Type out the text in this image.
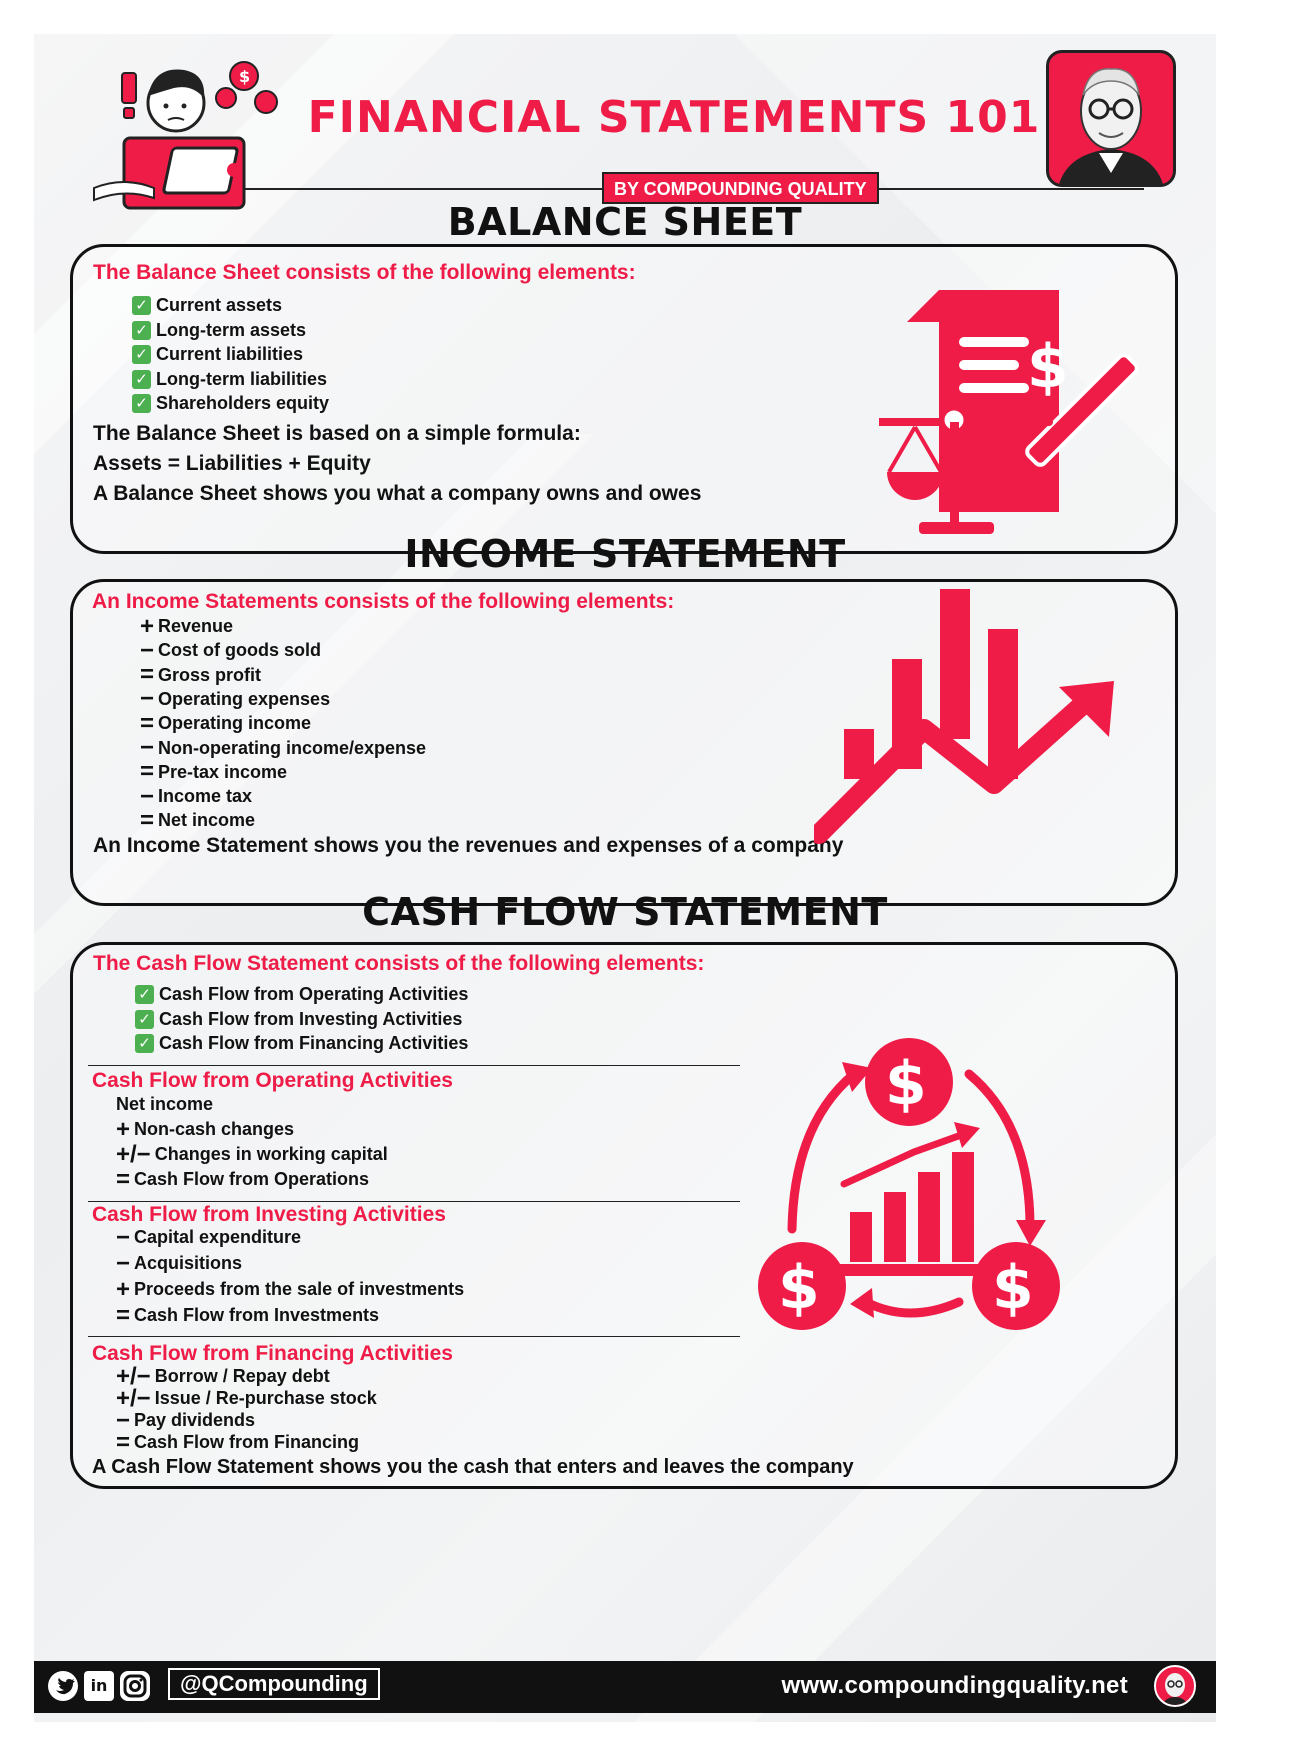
$
FINANCIAL STATEMENTS 101
BY COMPOUNDING QUALITY
BALANCE SHEET
The Balance Sheet consists of the following elements:
✓ Current assets
✓ Long-term assets
✓ Current liabilities
✓ Long-term liabilities
✓ Shareholders equity
The Balance Sheet is based on a simple formula:
Assets = Liabilities + Equity
A Balance Sheet shows you what a company owns and owes
$
INCOME STATEMENT
An Income Statements consists of the following elements:
+ Revenue
− Cost of goods sold
= Gross profit
− Operating expenses
= Operating income
− Non-operating income/expense
= Pre-tax income
− Income tax
= Net income
An Income Statement shows you the revenues and expenses of a company
CASH FLOW STATEMENT
The Cash Flow Statement consists of the following elements:
✓ Cash Flow from Operating Activities
✓ Cash Flow from Investing Activities
✓ Cash Flow from Financing Activities
Cash Flow from Operating Activities
Net income
+ Non-cash changes
+/− Changes in working capital
= Cash Flow from Operations
Cash Flow from Investing Activities
− Capital expenditure
− Acquisitions
+ Proceeds from the sale of investments
= Cash Flow from Investments
Cash Flow from Financing Activities
+/− Borrow / Repay debt
+/− Issue / Re-purchase stock
− Pay dividends
= Cash Flow from Financing
A Cash Flow Statement shows you the cash that enters and leaves the company
$
$	$
in	@QCompounding	www.compoundingquality.net
